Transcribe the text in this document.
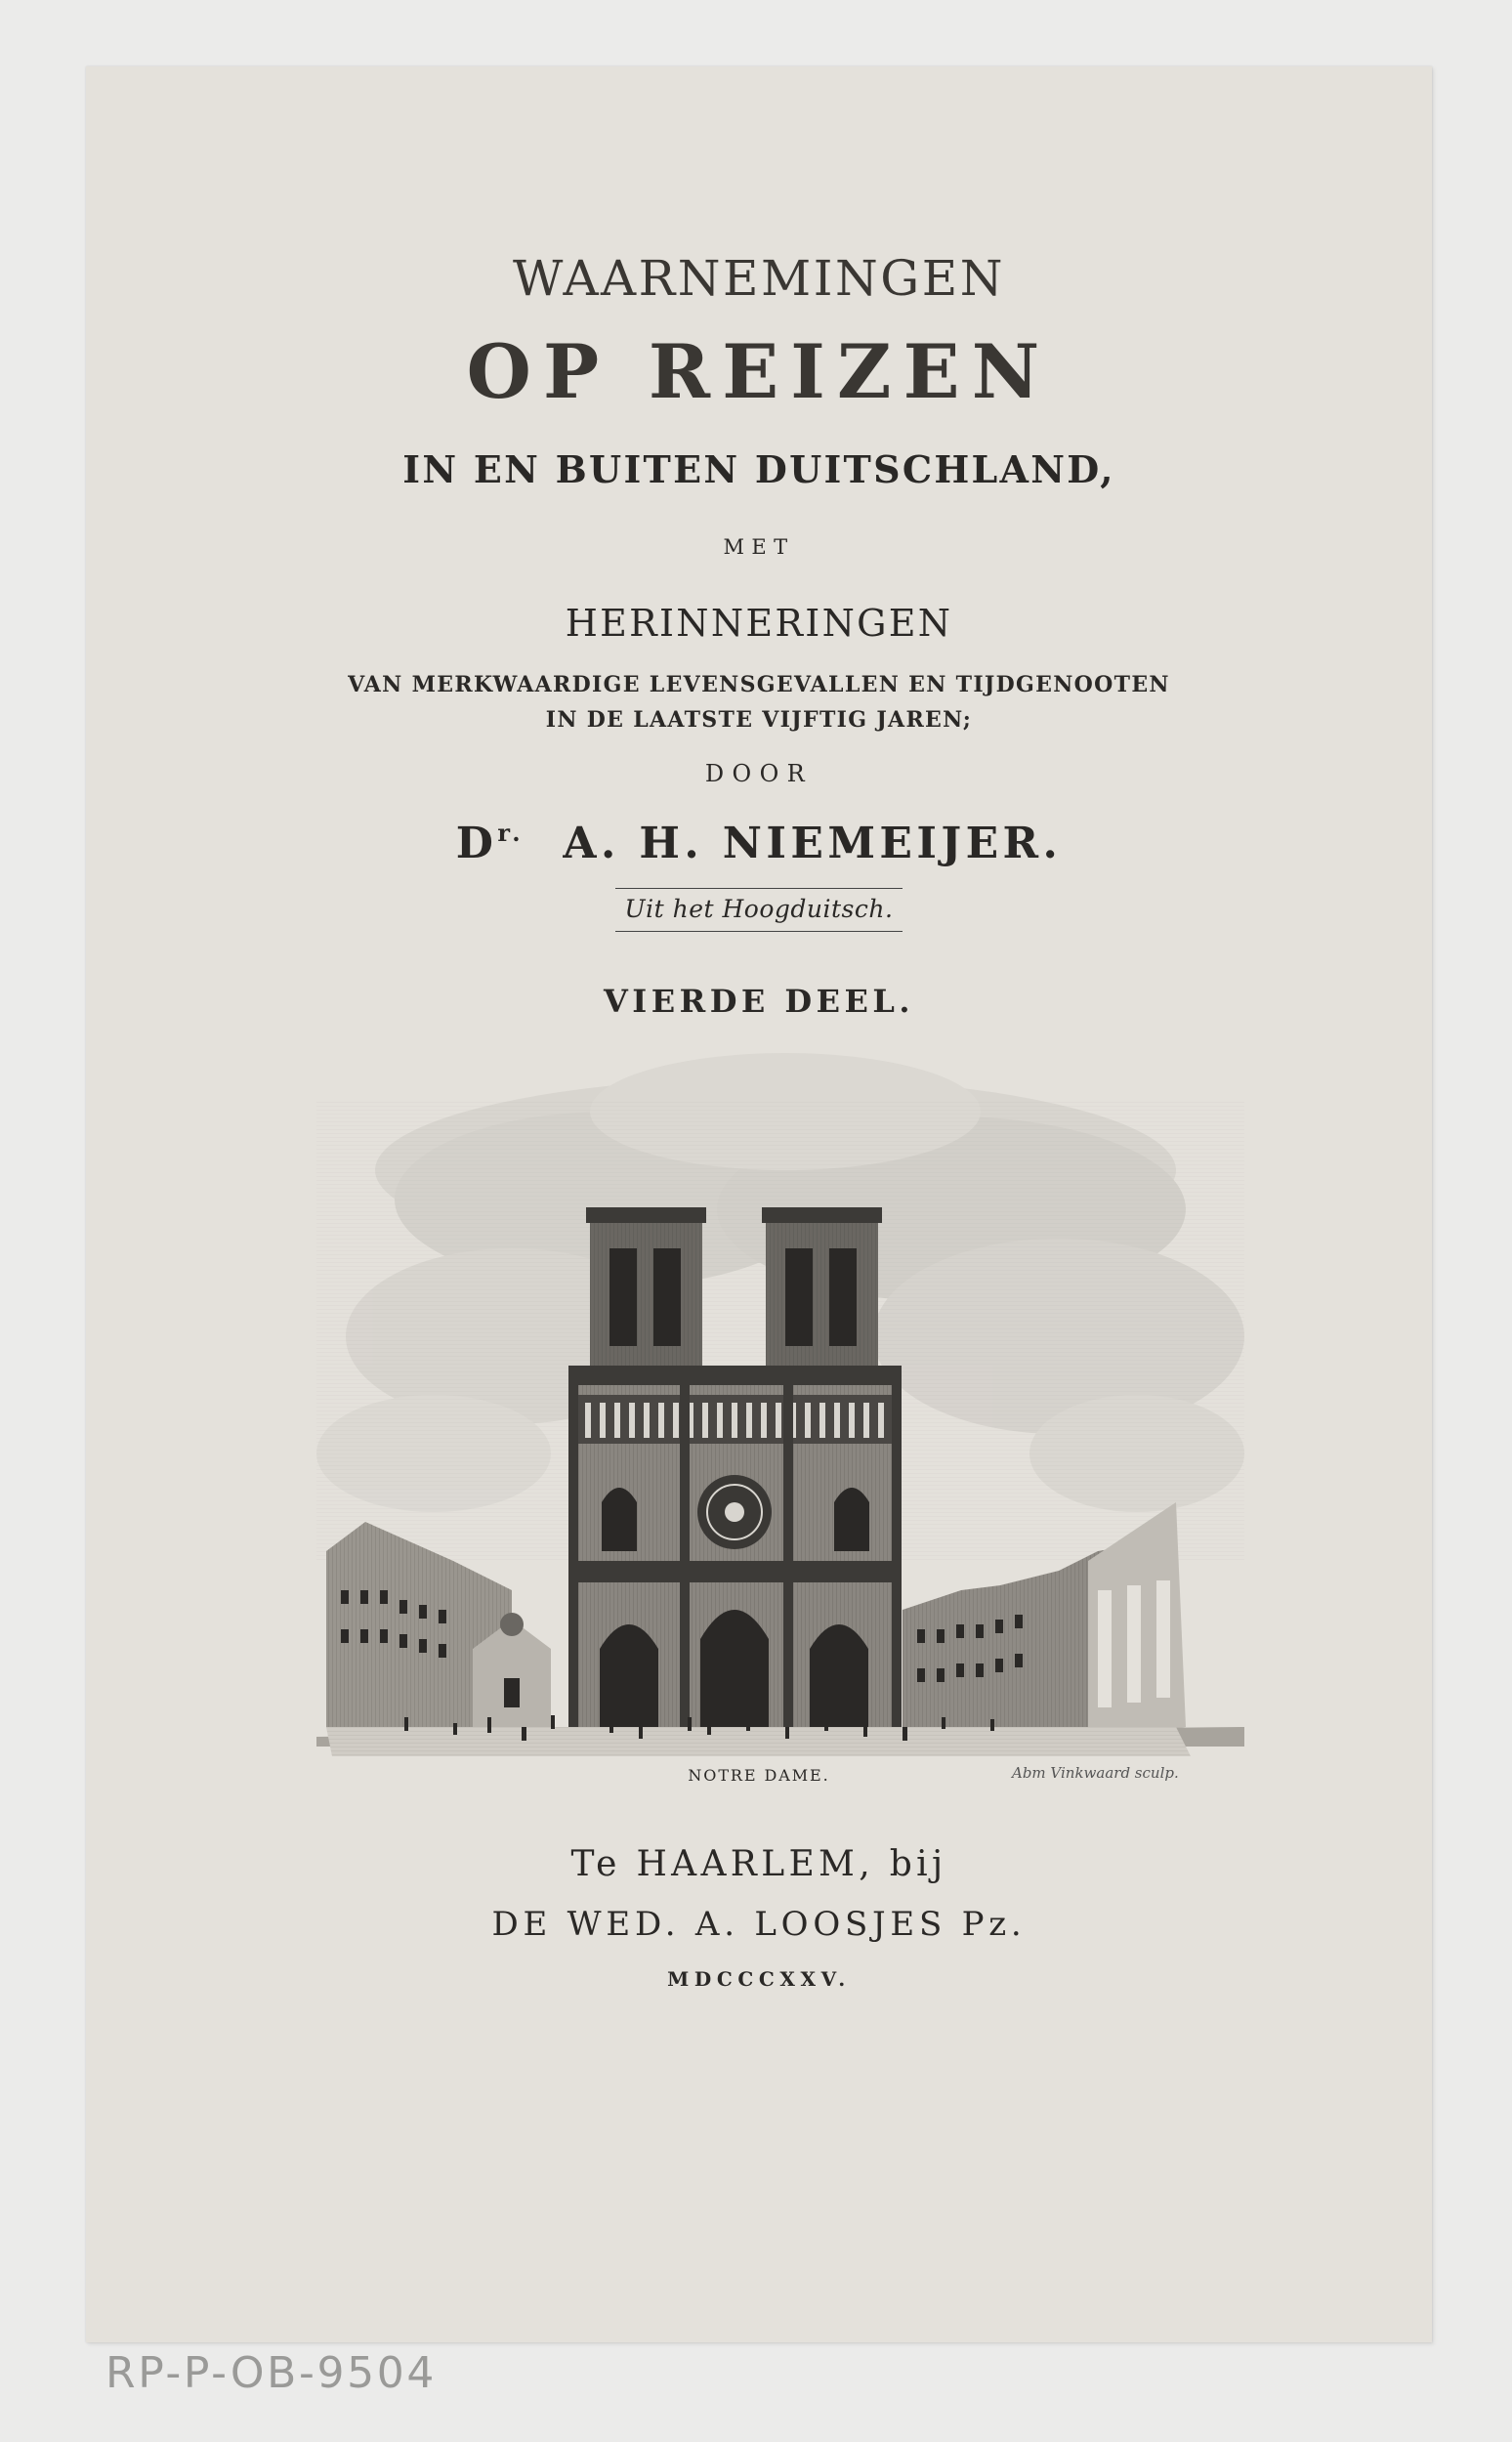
WAARNEMINGEN
OP REIZEN
IN EN BUITEN DUITSCHLAND,
MET
HERINNERINGEN
VAN MERKWAARDIGE LEVENSGEVALLEN EN TIJDGENOOTEN
IN DE LAATSTE VIJFTIG JAREN;
DOOR
$D^{r.}$ A. H. NIEMEIJER.
Uit het Hoogduitsch.
VIERDE DEEL.
NOTRE DAME.	Abm Vinkwaard sculp.
Te HAARLEM, bij
DE WED. A. LOOSJES Pz.
MDCCCXXV.
RP-P-OB-9504
